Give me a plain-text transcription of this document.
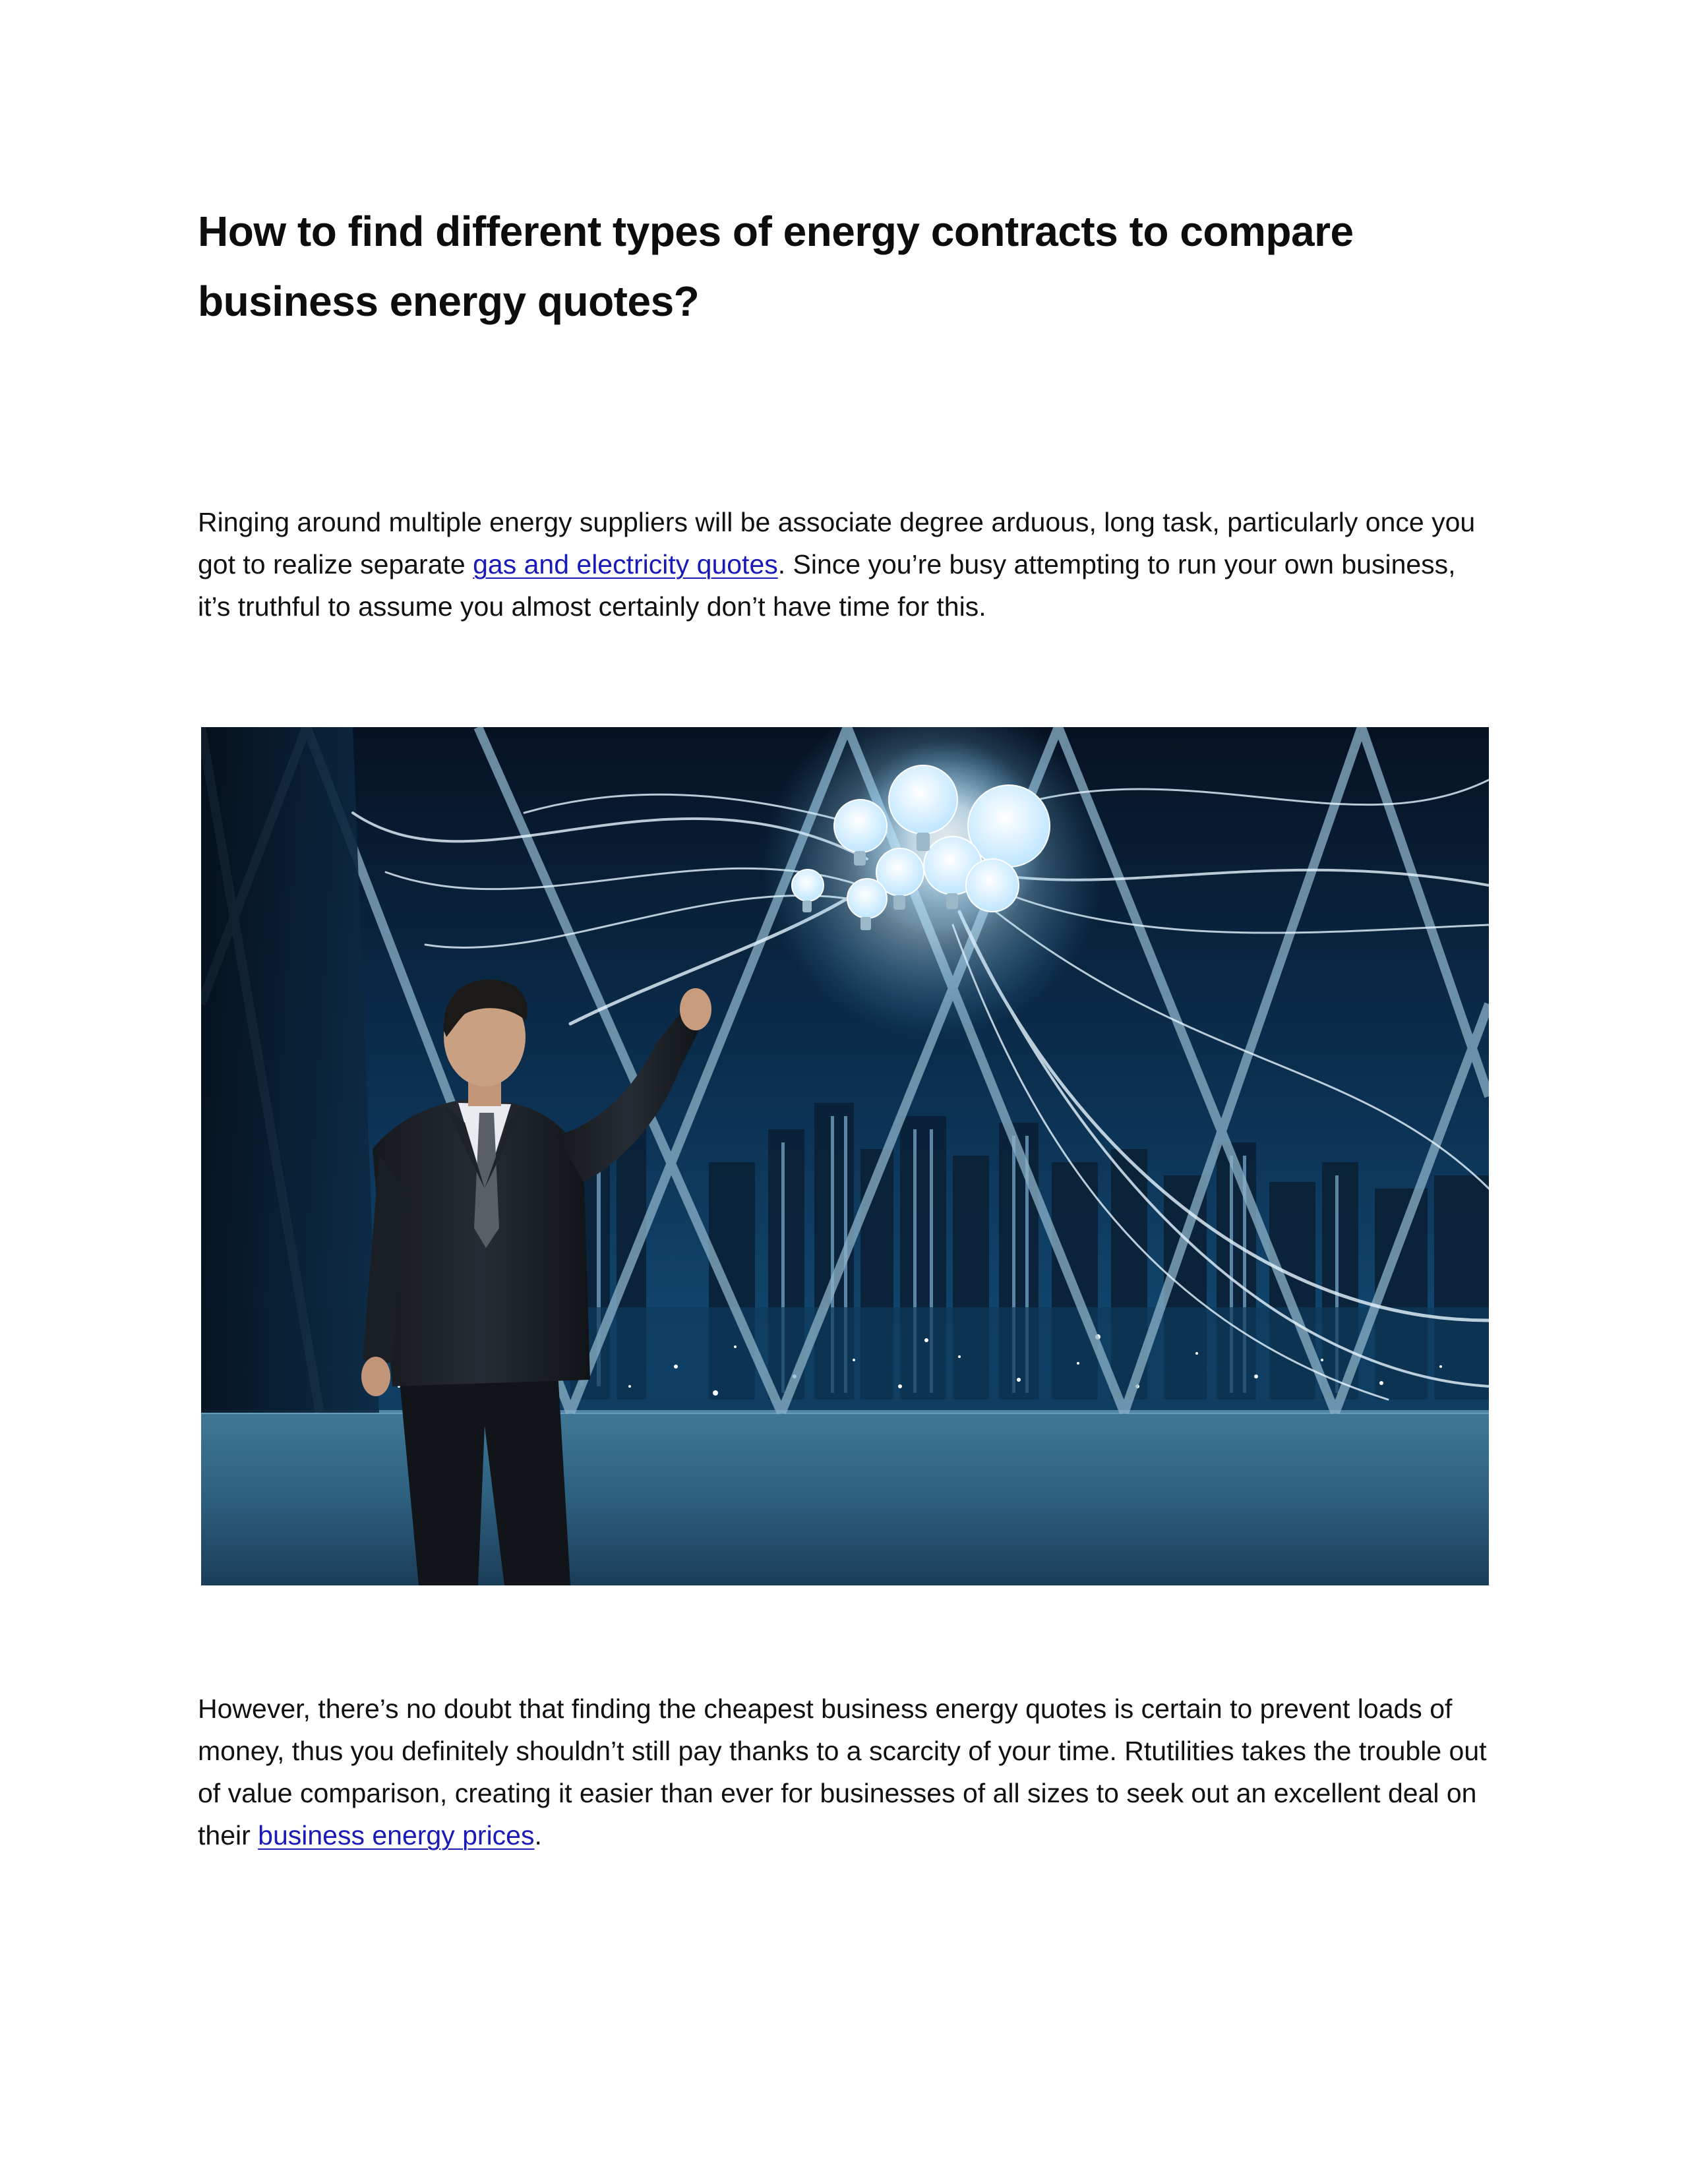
How to find different types of energy contracts to compare business energy quotes?

Ringing around multiple energy suppliers will be associate degree arduous, long task, particularly once you got to realize separate gas and electricity quotes. Since you’re busy attempting to run your own business, it’s truthful to assume you almost certainly don’t have time for this.

However, there’s no doubt that finding the cheapest business energy quotes is certain to prevent loads of money, thus you definitely shouldn’t still pay thanks to a scarcity of your time. Rtutilities takes the trouble out of value comparison, creating it easier than ever for businesses of all sizes to seek out an excellent deal on their business energy prices.
